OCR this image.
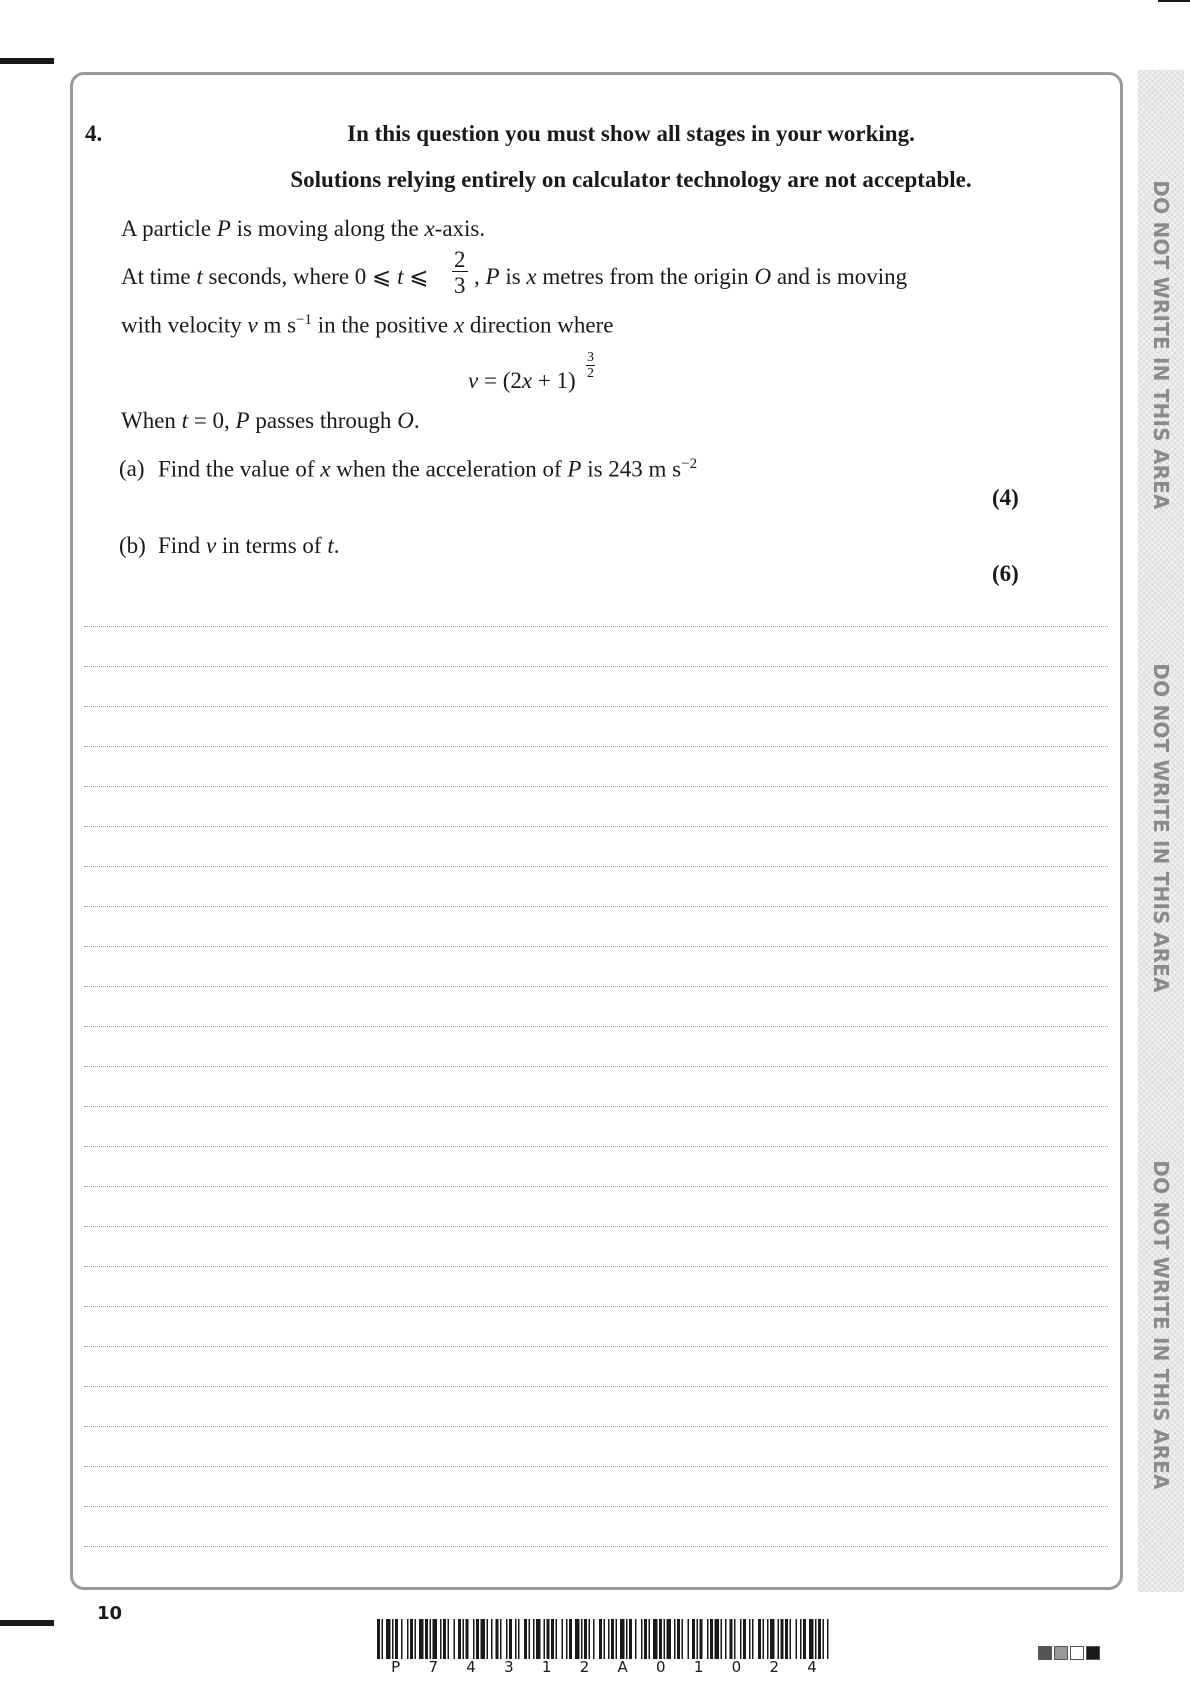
DO NOT WRITE IN THIS AREA
DO NOT WRITE IN THIS AREA
DO NOT WRITE IN THIS AREA
4.	In this question you must show all stages in your working.
Solutions relying entirely on calculator technology are not acceptable.
A particle P is moving along the x-axis.
At time t seconds, where 0 ⩽ t ⩽ $\frac{2}{3}$ , P is x metres from the origin O and is moving
with velocity v m $s^{-1}$ in the positive x direction where
$v = (2x + 1) \frac{3}{2}$
When t = 0, P passes through O.
(a) Find the value of x when the acceleration of P is 243 m $s^{-2}$
(4)
(b) Find v in terms of t.
(6)
10
P 7 4 3 1 2 A 0 1 0 2 4
